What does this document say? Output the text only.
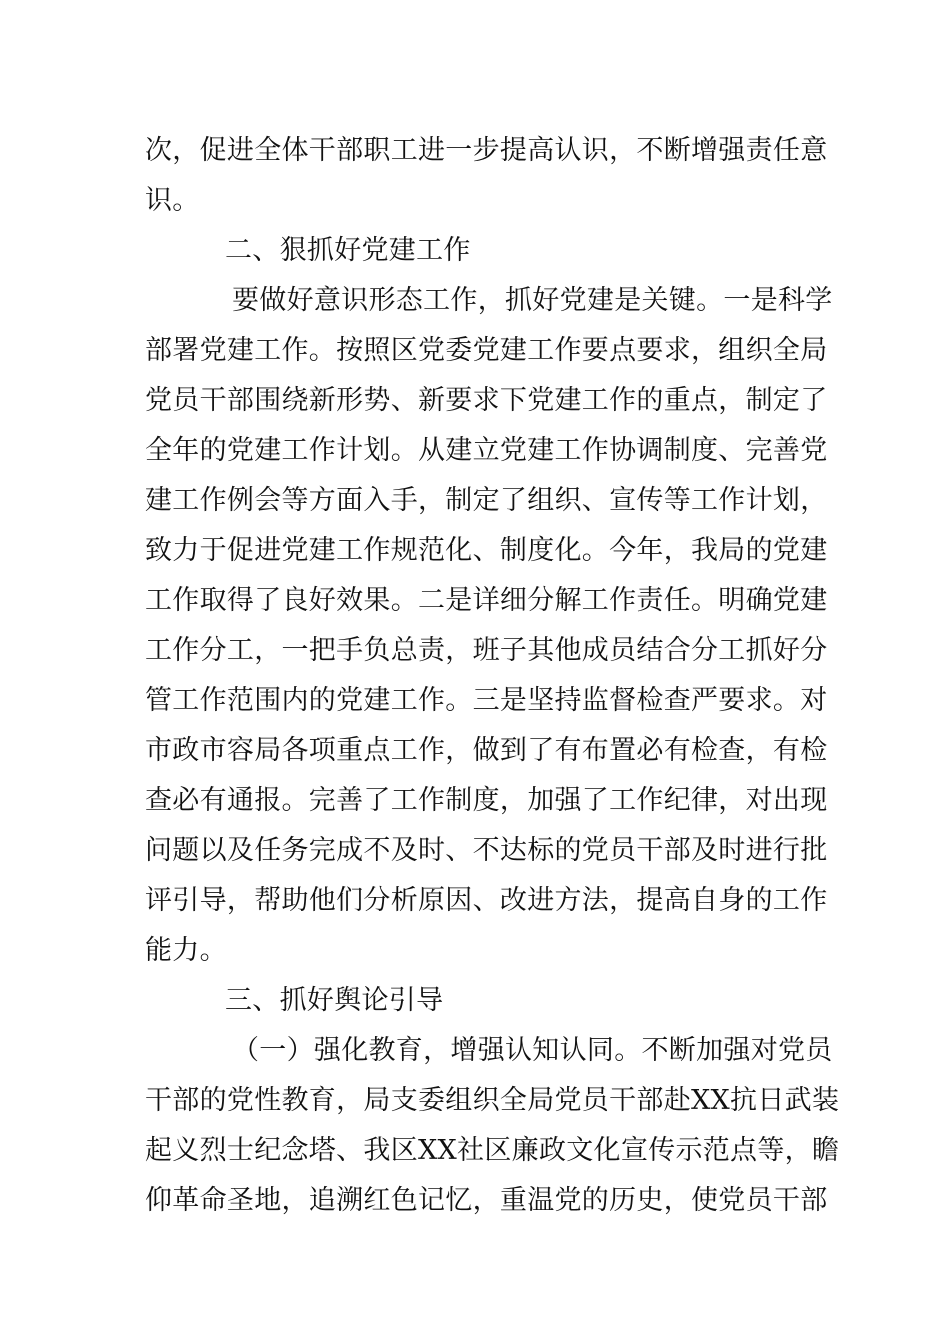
次，促进全体干部职工进一步提高认识，不断增强责任意
识。
二、狠抓好党建工作
要做好意识形态工作，抓好党建是关键。一是科学
部署党建工作。按照区党委党建工作要点要求，组织全局
党员干部围绕新形势、新要求下党建工作的重点，制定了
全年的党建工作计划。从建立党建工作协调制度、完善党
建工作例会等方面入手，制定了组织、宣传等工作计划，
致力于促进党建工作规范化、制度化。今年，我局的党建
工作取得了良好效果。二是详细分解工作责任。明确党建
工作分工，一把手负总责，班子其他成员结合分工抓好分
管工作范围内的党建工作。三是坚持监督检查严要求。对
市政市容局各项重点工作，做到了有布置必有检查，有检
查必有通报。完善了工作制度，加强了工作纪律，对出现
问题以及任务完成不及时、不达标的党员干部及时进行批
评引导，帮助他们分析原因、改进方法，提高自身的工作
能力。
三、抓好舆论引导
（一）强化教育，增强认知认同。不断加强对党员
干部的党性教育，局支委组织全局党员干部赴XX抗日武装
起义烈士纪念塔、我区XX社区廉政文化宣传示范点等，瞻
仰革命圣地，追溯红色记忆，重温党的历史，使党员干部
